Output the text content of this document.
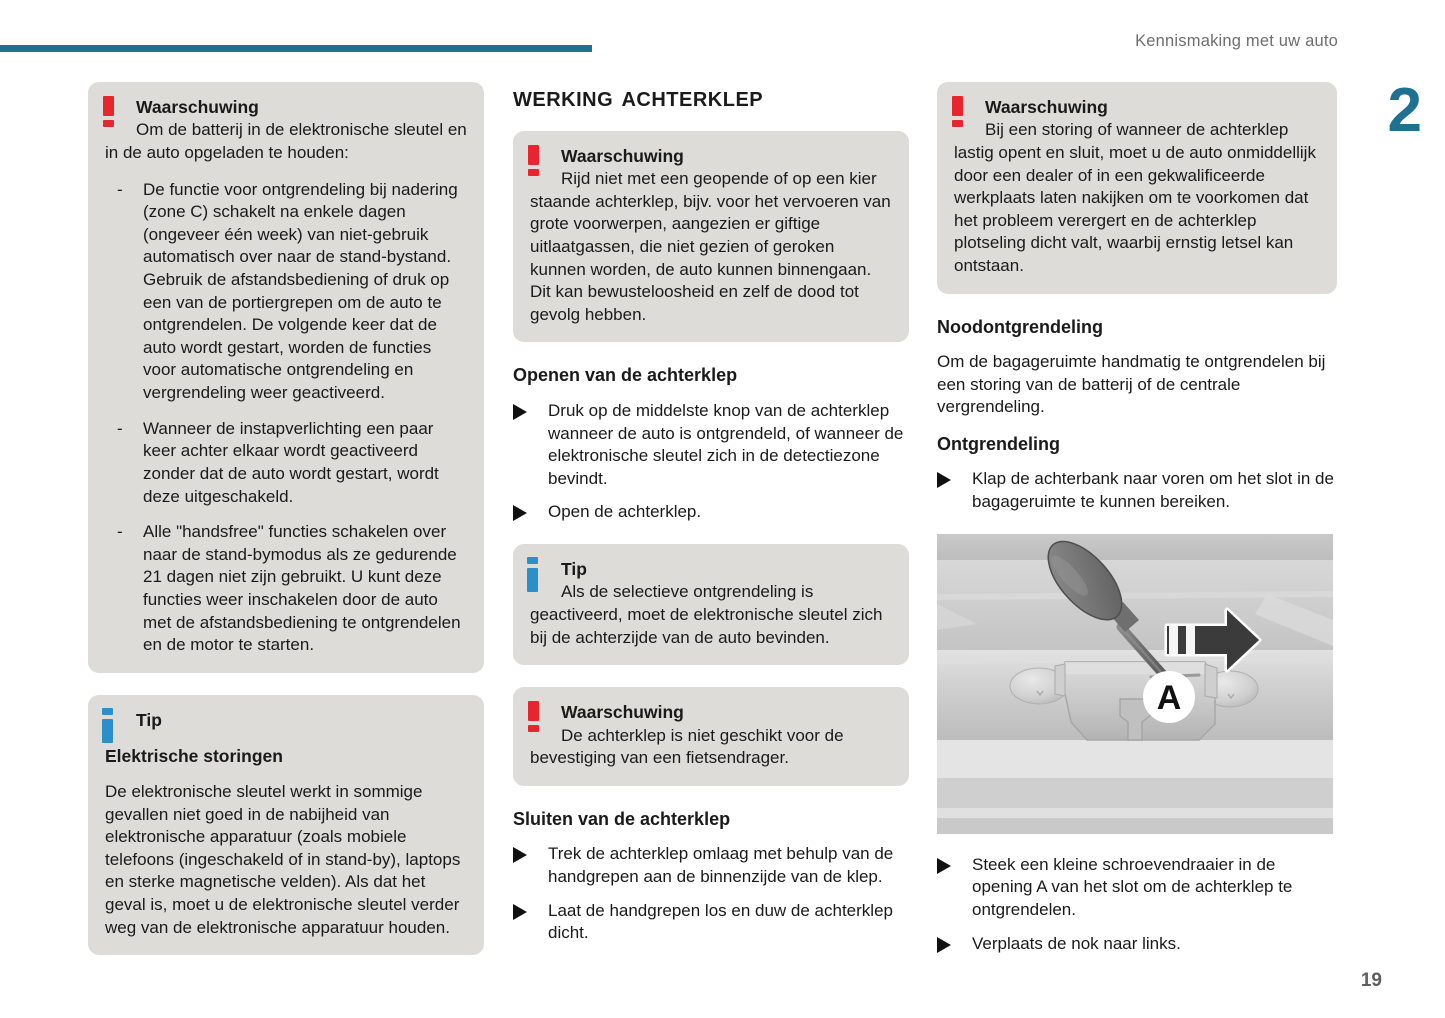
Kennismaking met uw auto
2
19
Waarschuwing

Om de batterij in de elektronische sleutel en in de auto opgeladen te houden:

- De functie voor ontgrendeling bij nadering (zone C) schakelt na enkele dagen (ongeveer één week) van niet-gebruik automatisch over naar de stand-bystand. Gebruik de afstandsbediening of druk op een van de portiergrepen om de auto te ontgrendelen. De volgende keer dat de auto wordt gestart, worden de functies voor automatische ontgrendeling en vergrendeling weer geactiveerd.
- Wanneer de instapverlichting een paar keer achter elkaar wordt geactiveerd zonder dat de auto wordt gestart, wordt deze uitgeschakeld.
- Alle "handsfree" functies schakelen over naar de stand-bymodus als ze gedurende 21 dagen niet zijn gebruikt. U kunt deze functies weer inschakelen door de auto met de afstandsbediening te ontgrendelen en de motor te starten.
Tip
Elektrische storingen

De elektronische sleutel werkt in sommige gevallen niet goed in de nabijheid van elektronische apparatuur (zoals mobiele telefoons (ingeschakeld of in stand-by), laptops en sterke magnetische velden). Als dat het geval is, moet u de elektronische sleutel verder weg van de elektronische apparatuur houden.

werking achterklep
Waarschuwing

Rijd niet met een geopende of op een kier staande achterklep, bijv. voor het vervoeren van grote voorwerpen, aangezien er giftige uitlaatgassen, die niet gezien of geroken kunnen worden, de auto kunnen binnengaan. Dit kan bewusteloosheid en zelf de dood tot gevolg hebben.

Openen van de achterklep
Druk op de middelste knop van de achterklep wanneer de auto is ontgrendeld, of wanneer de elektronische sleutel zich in de detectiezone bevindt.
Open de achterklep.
Tip

Als de selectieve ontgrendeling is geactiveerd, moet de elektronische sleutel zich bij de achterzijde van de auto bevinden.

Waarschuwing

De achterklep is niet geschikt voor de bevestiging van een fietsendrager.

Sluiten van de achterklep
Trek de achterklep omlaag met behulp van de handgrepen aan de binnenzijde van de klep.
Laat de handgrepen los en duw de achterklep dicht.
Waarschuwing

Bij een storing of wanneer de achterklep lastig opent en sluit, moet u de auto onmiddellijk door een dealer of in een gekwalificeerde werkplaats laten nakijken om te voorkomen dat het probleem verergert en de achterklep plotseling dicht valt, waarbij ernstig letsel kan ontstaan.

Noodontgrendeling

Om de bagageruimte handmatig te ontgrendelen bij een storing van de batterij of de centrale vergrendeling.

Ontgrendeling
Klap de achterbank naar voren om het slot in de bagageruimte te kunnen bereiken.
A
Steek een kleine schroevendraaier in de opening A van het slot om de achterklep te ontgrendelen.
Verplaats de nok naar links.
